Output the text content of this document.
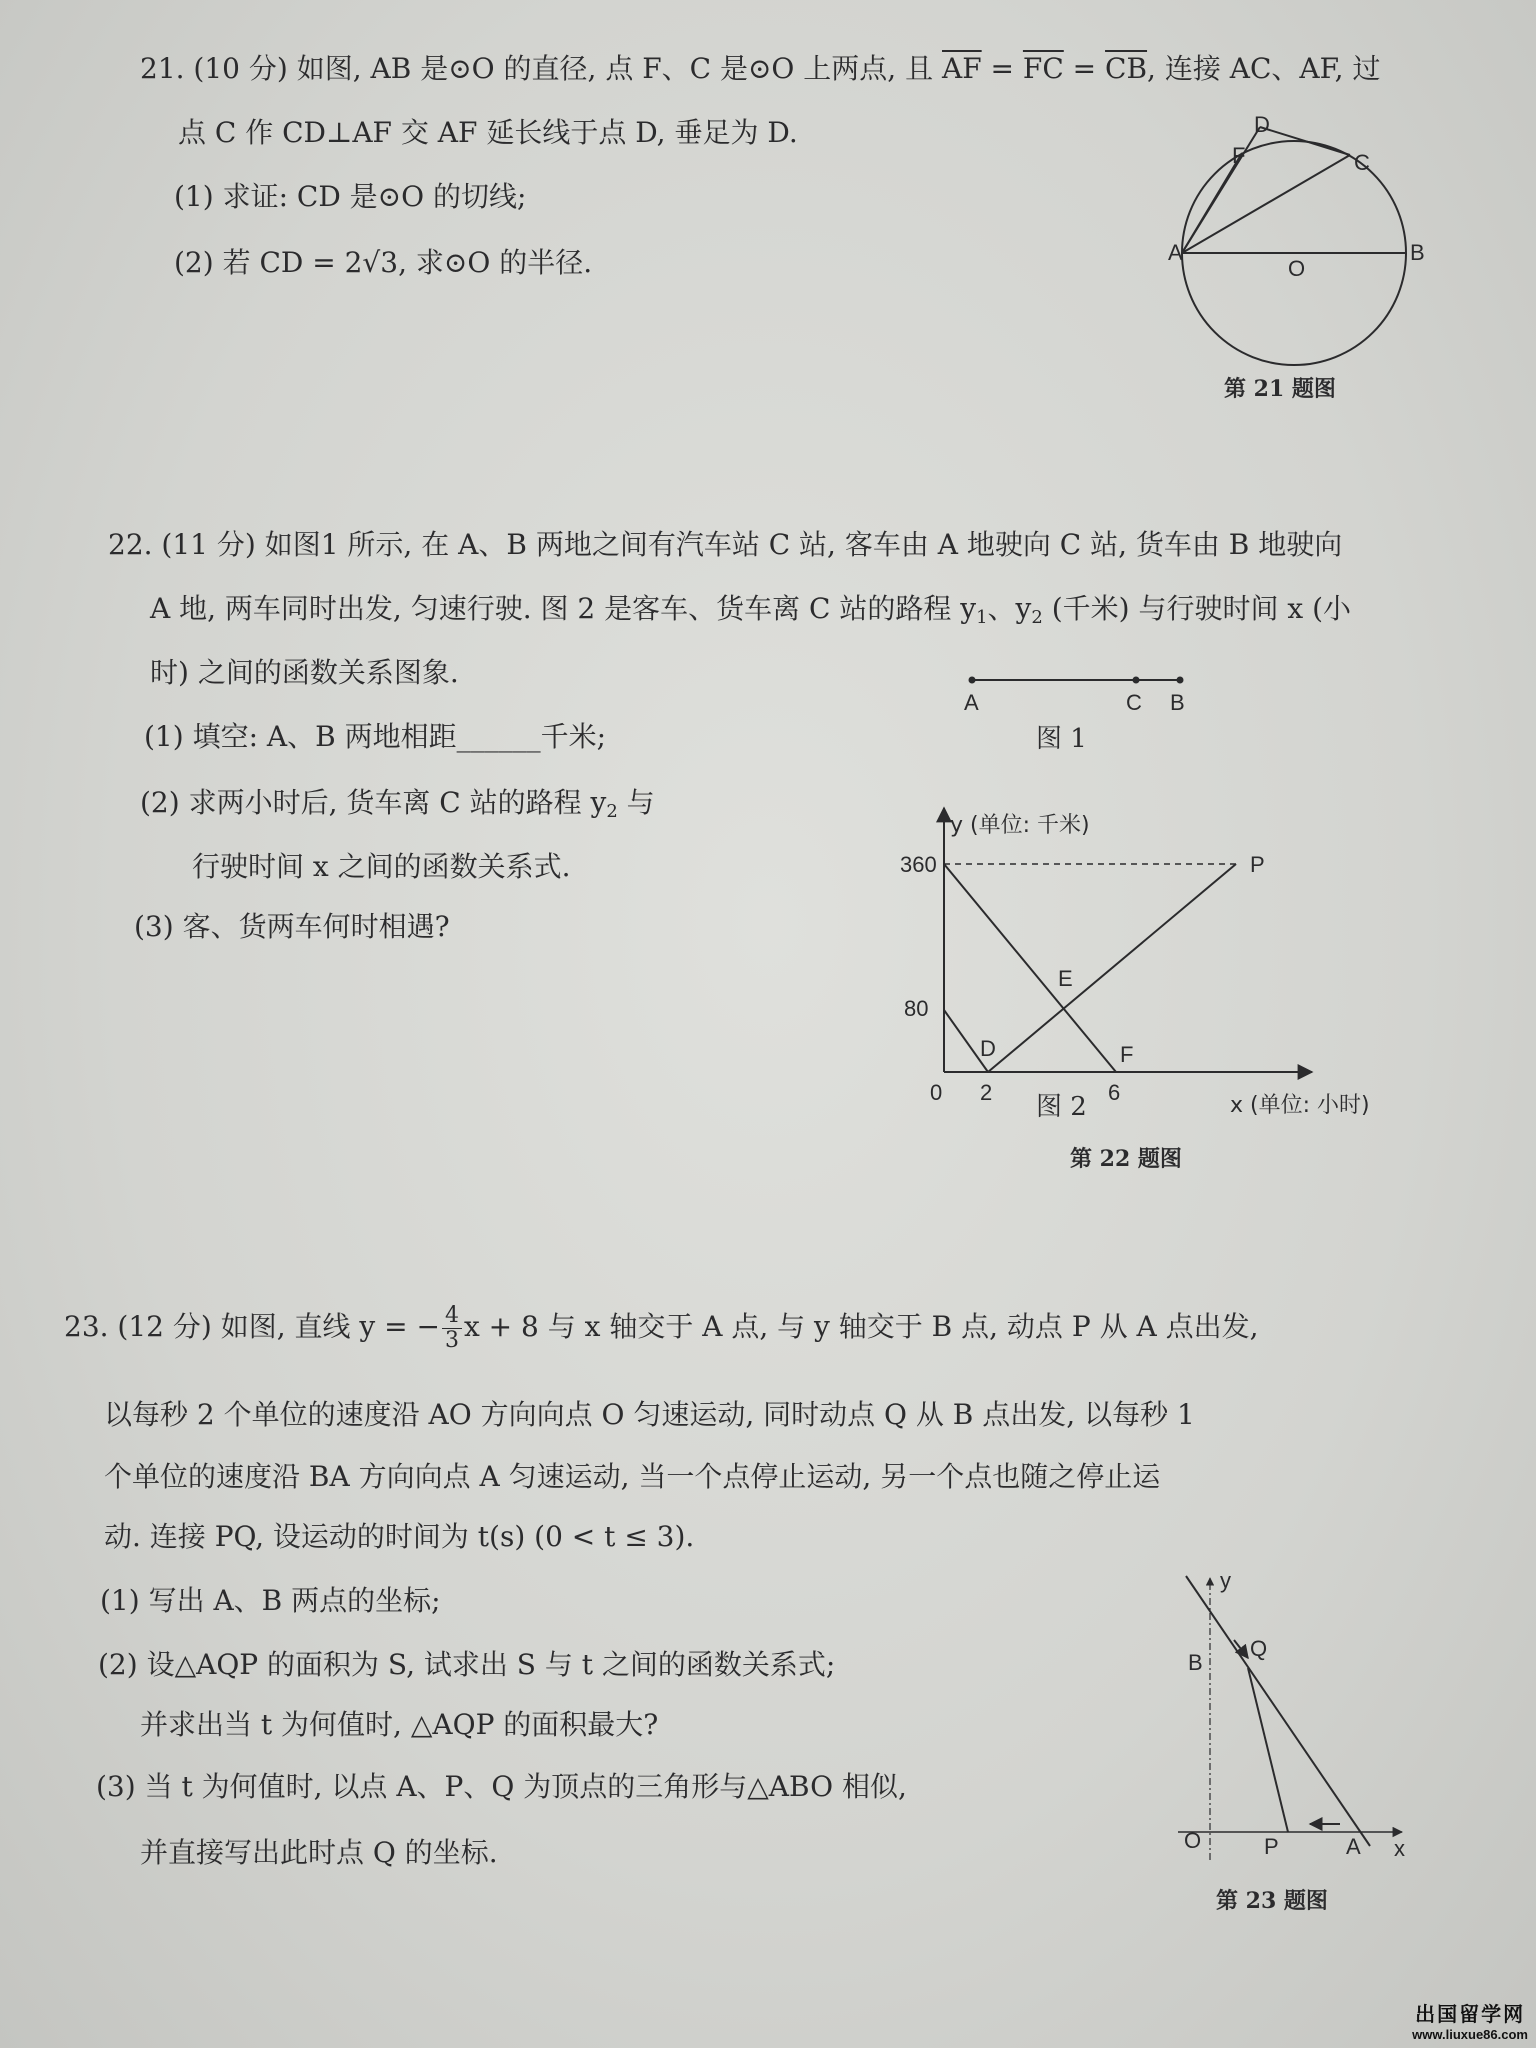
21. (10 分) 如图, AB 是⊙O 的直径, 点 F、C 是⊙O 上两点, 且 $\overline{AF} = \overline{FC} = \overline{CB}$, 连接 AC、AF, 过
点 C 作 CD⊥AF 交 AF 延长线于点 D, 垂足为 D.
(1) 求证: CD 是⊙O 的切线;
(2) 若 CD = 2√3, 求⊙O 的半径.
D
F	C
A
O
B
第 21 题图
22. (11 分) 如图1 所示, 在 A、B 两地之间有汽车站 C 站, 客车由 A 地驶向 C 站, 货车由 B 地驶向
A 地, 两车同时出发, 匀速行驶. 图 2 是客车、货车离 C 站的路程 $y_1$、$y_2$ (千米) 与行驶时间 x (小
时) 之间的函数关系图象.
(1) 填空: A、B 两地相距______千米;
(2) 求两小时后, 货车离 C 站的路程 $y_2$ 与
行驶时间 x 之间的函数关系式.
(3) 客、货两车何时相遇?
A	C B
图 1
y (单位: 千米)
360
80
P
E
D	F
0 2	6
x (单位: 小时)
图 2
第 22 题图
23. (12 分) 如图, 直线 y = − $\frac{4}{3}$ x + 8 与 x 轴交于 A 点, 与 y 轴交于 B 点, 动点 P 从 A 点出发,
以每秒 2 个单位的速度沿 AO 方向向点 O 匀速运动, 同时动点 Q 从 B 点出发, 以每秒 1
个单位的速度沿 BA 方向向点 A 匀速运动, 当一个点停止运动, 另一个点也随之停止运
动. 连接 PQ, 设运动的时间为 t(s) (0 < t ≤ 3).
(1) 写出 A、B 两点的坐标;
(2) 设△AQP 的面积为 S, 试求出 S 与 t 之间的函数关系式;
并求出当 t 为何值时, △AQP 的面积最大?
(3) 当 t 为何值时, 以点 A、P、Q 为顶点的三角形与△ABO 相似,
并直接写出此时点 Q 的坐标.
y
B
Q
O	P	A x
第 23 题图
出国留学网
www.liuxue86.com
